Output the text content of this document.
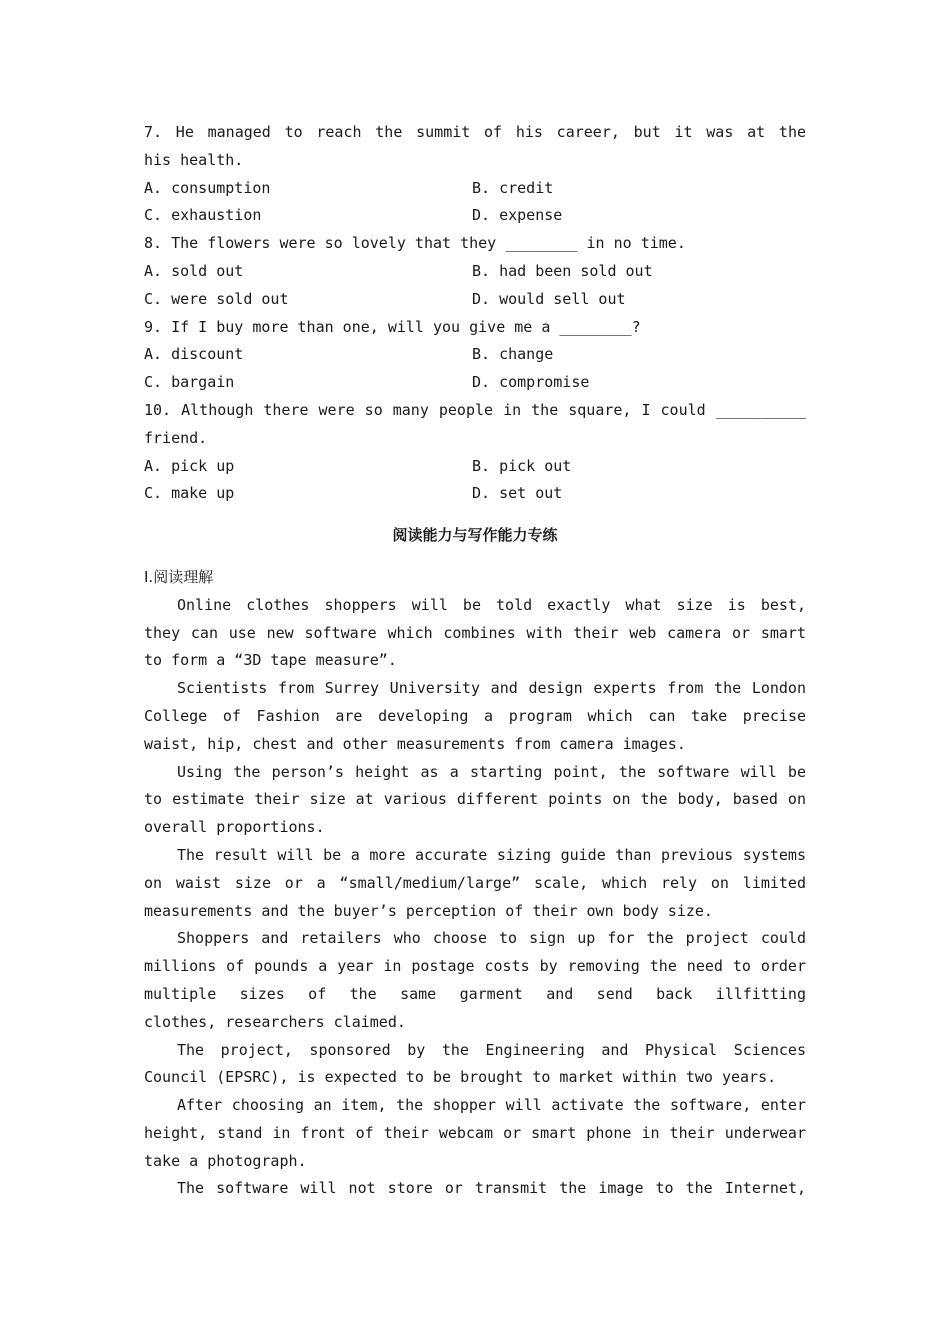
7. He managed to reach the summit of his career, but it was at the
his health.
A. consumption	B. credit
C. exhaustion	D. expense
8. The flowers were so lovely that they ________ in no time.
A. sold out	B. had been sold out
C. were sold out	D. would sell out
9. If I buy more than one, will you give me a ________?
A. discount	B. change
C. bargain	D. compromise
10. Although there were so many people in the square, I could __________
friend.
A. pick up	B. pick out
C. make up	D. set out
阅读能力与写作能力专练
Ⅰ.阅读理解
Online clothes shoppers will be told exactly what size is best,
they can use new software which combines with their web camera or smart
to form a “3D tape measure”.
Scientists from Surrey University and design experts from the London
College of Fashion are developing a program which can take precise
waist, hip, chest and other measurements from camera images.
Using the person’s height as a starting point, the software will be
to estimate their size at various different points on the body, based on
overall proportions.
The result will be a more accurate sizing guide than previous systems
on waist size or a “small/medium/large” scale, which rely on limited
measurements and the buyer’s perception of their own body size.
Shoppers and retailers who choose to sign up for the project could
millions of pounds a year in postage costs by removing the need to order
multiple sizes of the same garment and send back illfitting
clothes, researchers claimed.
The project, sponsored by the Engineering and Physical Sciences
Council (EPSRC), is expected to be brought to market within two years.
After choosing an item, the shopper will activate the software, enter
height, stand in front of their webcam or smart phone in their underwear
take a photograph.
The software will not store or transmit the image to the Internet,
